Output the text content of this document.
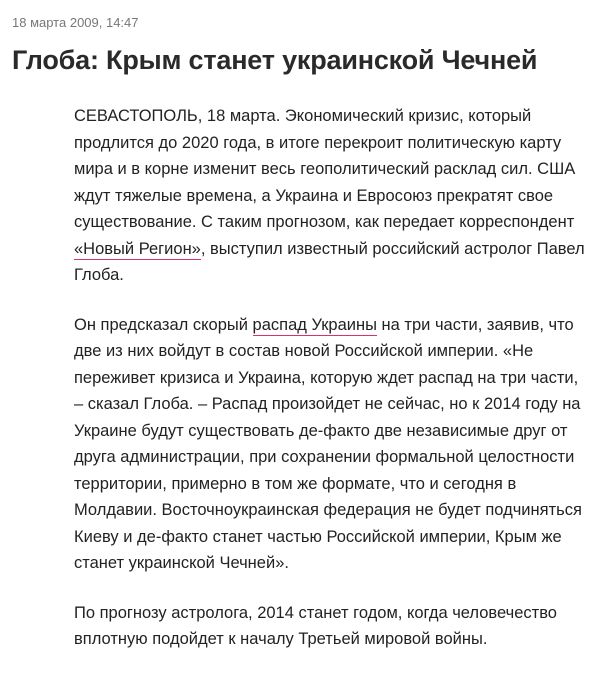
18 марта 2009, 14:47
Глоба: Крым станет украинской Чечней

СЕВАСТОПОЛЬ, 18 марта. Экономический кризис, который продлится до 2020 года, в итоге перекроит политическую карту мира и в корне изменит весь геополитический расклад сил. США ждут тяжелые времена, а Украина и Евросоюз прекратят свое существование. С таким прогнозом, как передает корреспондент «Новый Регион», выступил известный российский астролог Павел Глоба.

Он предсказал скорый распад Украины на три части, заявив, что две из них войдут в состав новой Российской империи. «Не переживет кризиса и Украина, которую ждет распад на три части, – сказал Глоба. – Распад произойдет не сейчас, но к 2014 году на Украине будут существовать де-факто две независимые друг от друга администрации, при сохранении формальной целостности территории, примерно в том же формате, что и сегодня в Молдавии. Восточноукраинская федерация не будет подчиняться Киеву и де-факто станет частью Российской империи, Крым же станет украинской Чечней».

По прогнозу астролога, 2014 станет годом, когда человечество вплотную подойдет к началу Третьей мировой войны.
